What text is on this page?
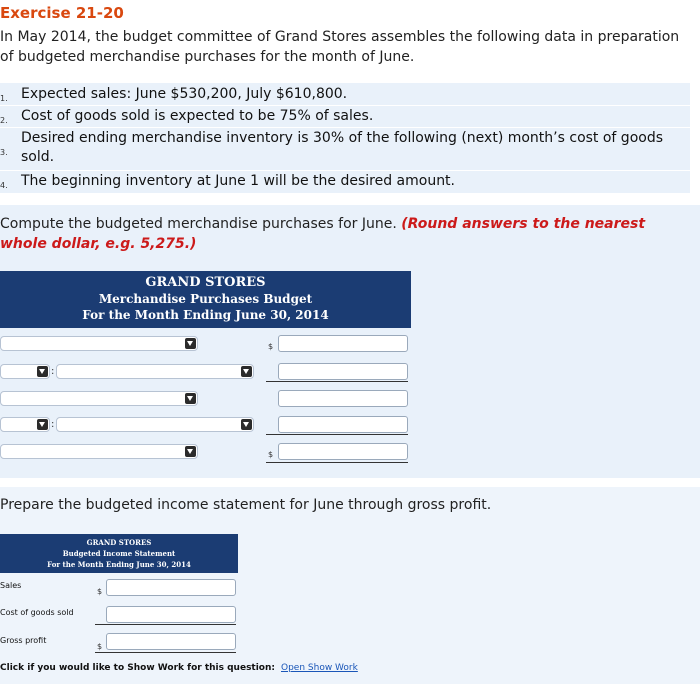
Exercise 21-20
In May 2014, the budget committee of Grand Stores assembles the following data in preparation of budgeted merchandise purchases for the month of June.
1. Expected sales: June $530,200, July $610,800.
2. Cost of goods sold is expected to be 75% of sales.
3.
Desired ending merchandise inventory is 30% of the following (next) month’s cost of goods sold.
4. The beginning inventory at June 1 will be the desired amount.
Compute the budgeted merchandise purchases for June. (Round answers to the nearest whole dollar, e.g. 5,275.)
GRAND STORES
Merchandise Purchases Budget
For the Month Ending June 30, 2014
$
:
:
$
Prepare the budgeted income statement for June through gross profit.
GRAND STORES
Budgeted Income Statement
For the Month Ending June 30, 2014
Sales
$
Cost of goods sold
Gross profit
$
Click if you would like to Show Work for this question: Open Show Work
